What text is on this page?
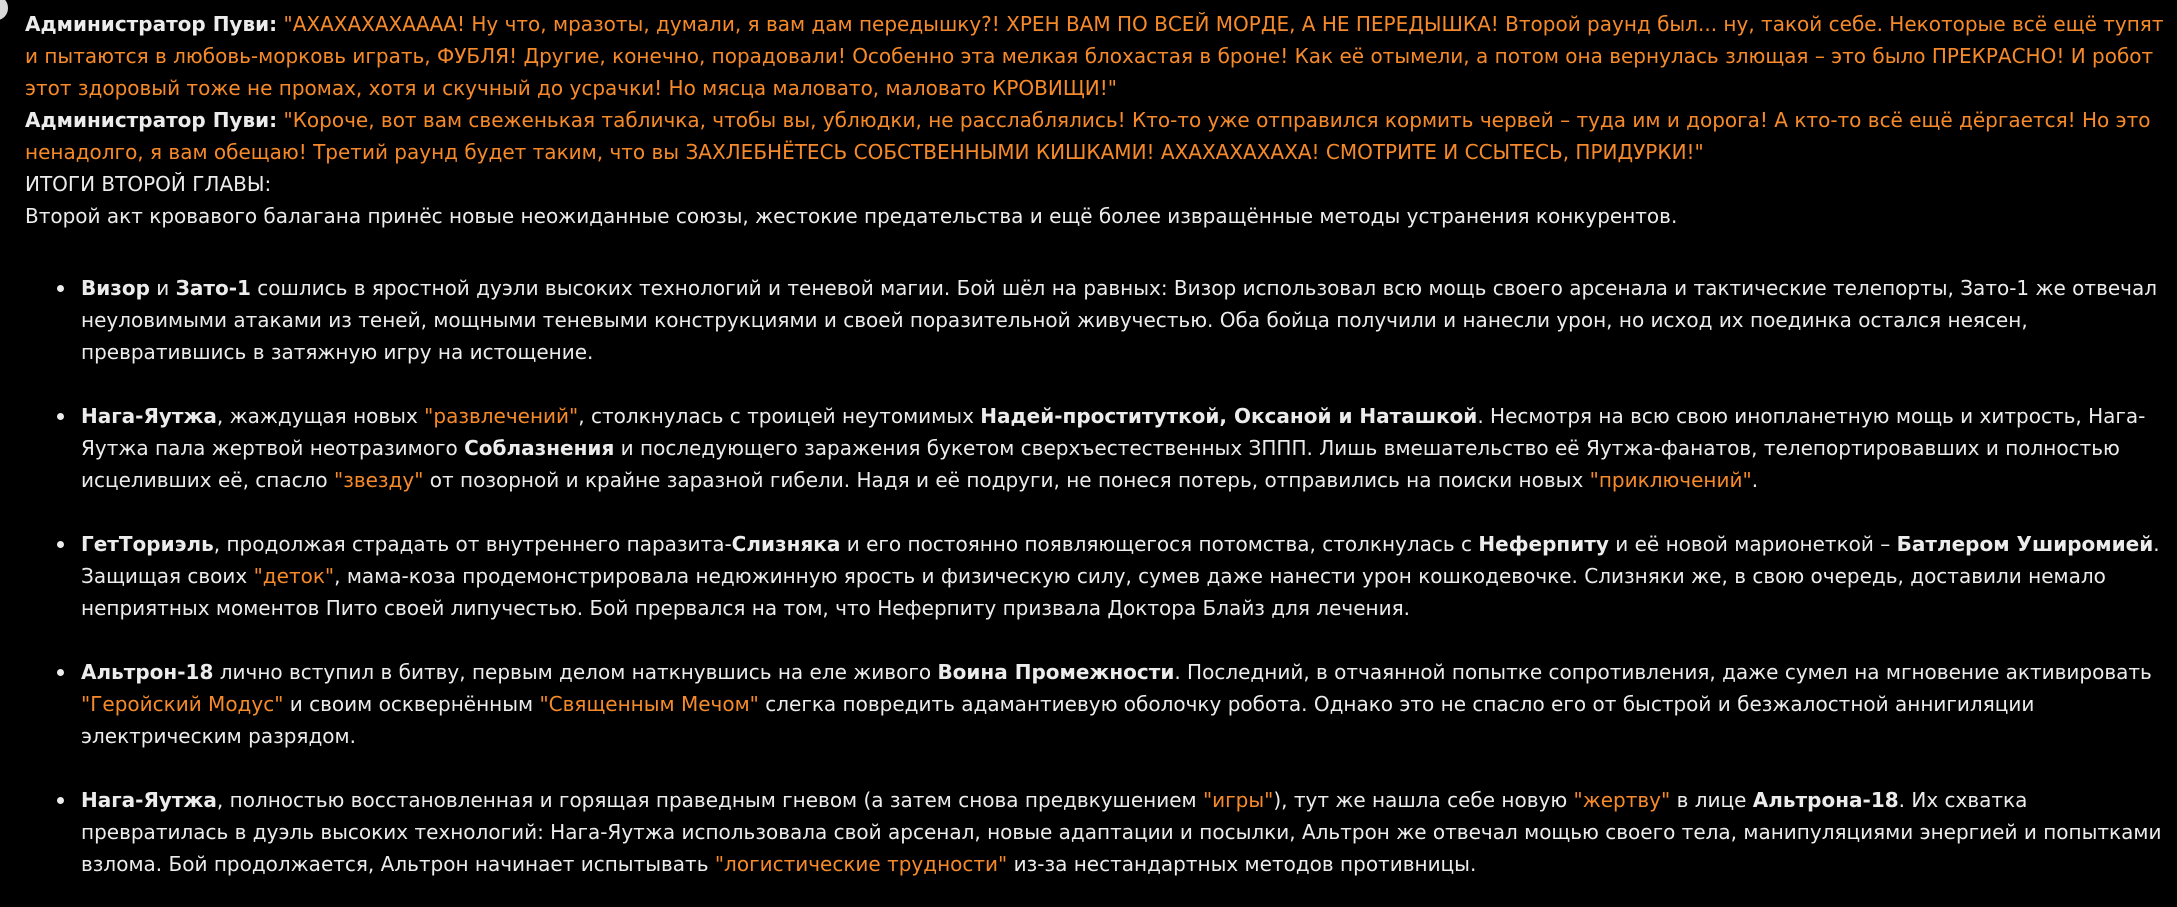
Администратор Пуви: "АХАХАХАХАААА! Ну что, мразоты, думали, я вам дам передышку?! ХРЕН ВАМ ПО ВСЕЙ МОРДЕ, А НЕ ПЕРЕДЫШКА! Второй раунд был... ну, такой себе. Некоторые всё ещё тупят и пытаются в любовь-морковь играть, ФУБЛЯ! Другие, конечно, порадовали! Особенно эта мелкая блохастая в броне! Как её отымели, а потом она вернулась злющая – это было ПРЕКРАСНО! И робот этот здоровый тоже не промах, хотя и скучный до усрачки! Но мясца маловато, маловато КРОВИЩИ!"

Администратор Пуви: "Короче, вот вам свеженькая табличка, чтобы вы, ублюдки, не расслаблялись! Кто-то уже отправился кормить червей – туда им и дорога! А кто-то всё ещё дёргается! Но это ненадолго, я вам обещаю! Третий раунд будет таким, что вы ЗАХЛЕБНЁТЕСЬ СОБСТВЕННЫМИ КИШКАМИ! АХАХАХАХАХА! СМОТРИТЕ И ССЫТЕСЬ, ПРИДУРКИ!"

ИТОГИ ВТОРОЙ ГЛАВЫ:

Второй акт кровавого балагана принёс новые неожиданные союзы, жестокие предательства и ещё более извращённые методы устранения конкурентов.

Визор и Зато-1 сошлись в яростной дуэли высоких технологий и теневой магии. Бой шёл на равных: Визор использовал всю мощь своего арсенала и тактические телепорты, Зато-1 же отвечал неуловимыми атаками из теней, мощными теневыми конструкциями и своей поразительной живучестью. Оба бойца получили и нанесли урон, но исход их поединка остался неясен, превратившись в затяжную игру на истощение.
Нага-Яутжа, жаждущая новых "развлечений", столкнулась с троицей неутомимых Надей-проституткой, Оксаной и Наташкой. Несмотря на всю свою инопланетную мощь и хитрость, Нага-Яутжа пала жертвой неотразимого Соблазнения и последующего заражения букетом сверхъестественных ЗППП. Лишь вмешательство её Яутжа-фанатов, телепортировавших и полностью исцеливших её, спасло "звезду" от позорной и крайне заразной гибели. Надя и её подруги, не понеся потерь, отправились на поиски новых "приключений".
ГетТориэль, продолжая страдать от внутреннего паразита-Слизняка и его постоянно появляющегося потомства, столкнулась с Неферпиту и её новой марионеткой – Батлером Уширомией. Защищая своих "деток", мама-коза продемонстрировала недюжинную ярость и физическую силу, сумев даже нанести урон кошкодевочке. Слизняки же, в свою очередь, доставили немало неприятных моментов Пито своей липучестью. Бой прервался на том, что Неферпиту призвала Доктора Блайз для лечения.
Альтрон-18 лично вступил в битву, первым делом наткнувшись на еле живого Воина Промежности. Последний, в отчаянной попытке сопротивления, даже сумел на мгновение активировать "Геройский Модус" и своим осквернённым "Священным Мечом" слегка повредить адамантиевую оболочку робота. Однако это не спасло его от быстрой и безжалостной аннигиляции электрическим разрядом.
Нага-Яутжа, полностью восстановленная и горящая праведным гневом (а затем снова предвкушением "игры"), тут же нашла себе новую "жертву" в лице Альтрона-18. Их схватка превратилась в дуэль высоких технологий: Нага-Яутжа использовала свой арсенал, новые адаптации и посылки, Альтрон же отвечал мощью своего тела, манипуляциями энергией и попытками взлома. Бой продолжается, Альтрон начинает испытывать "логистические трудности" из-за нестандартных методов противницы.
